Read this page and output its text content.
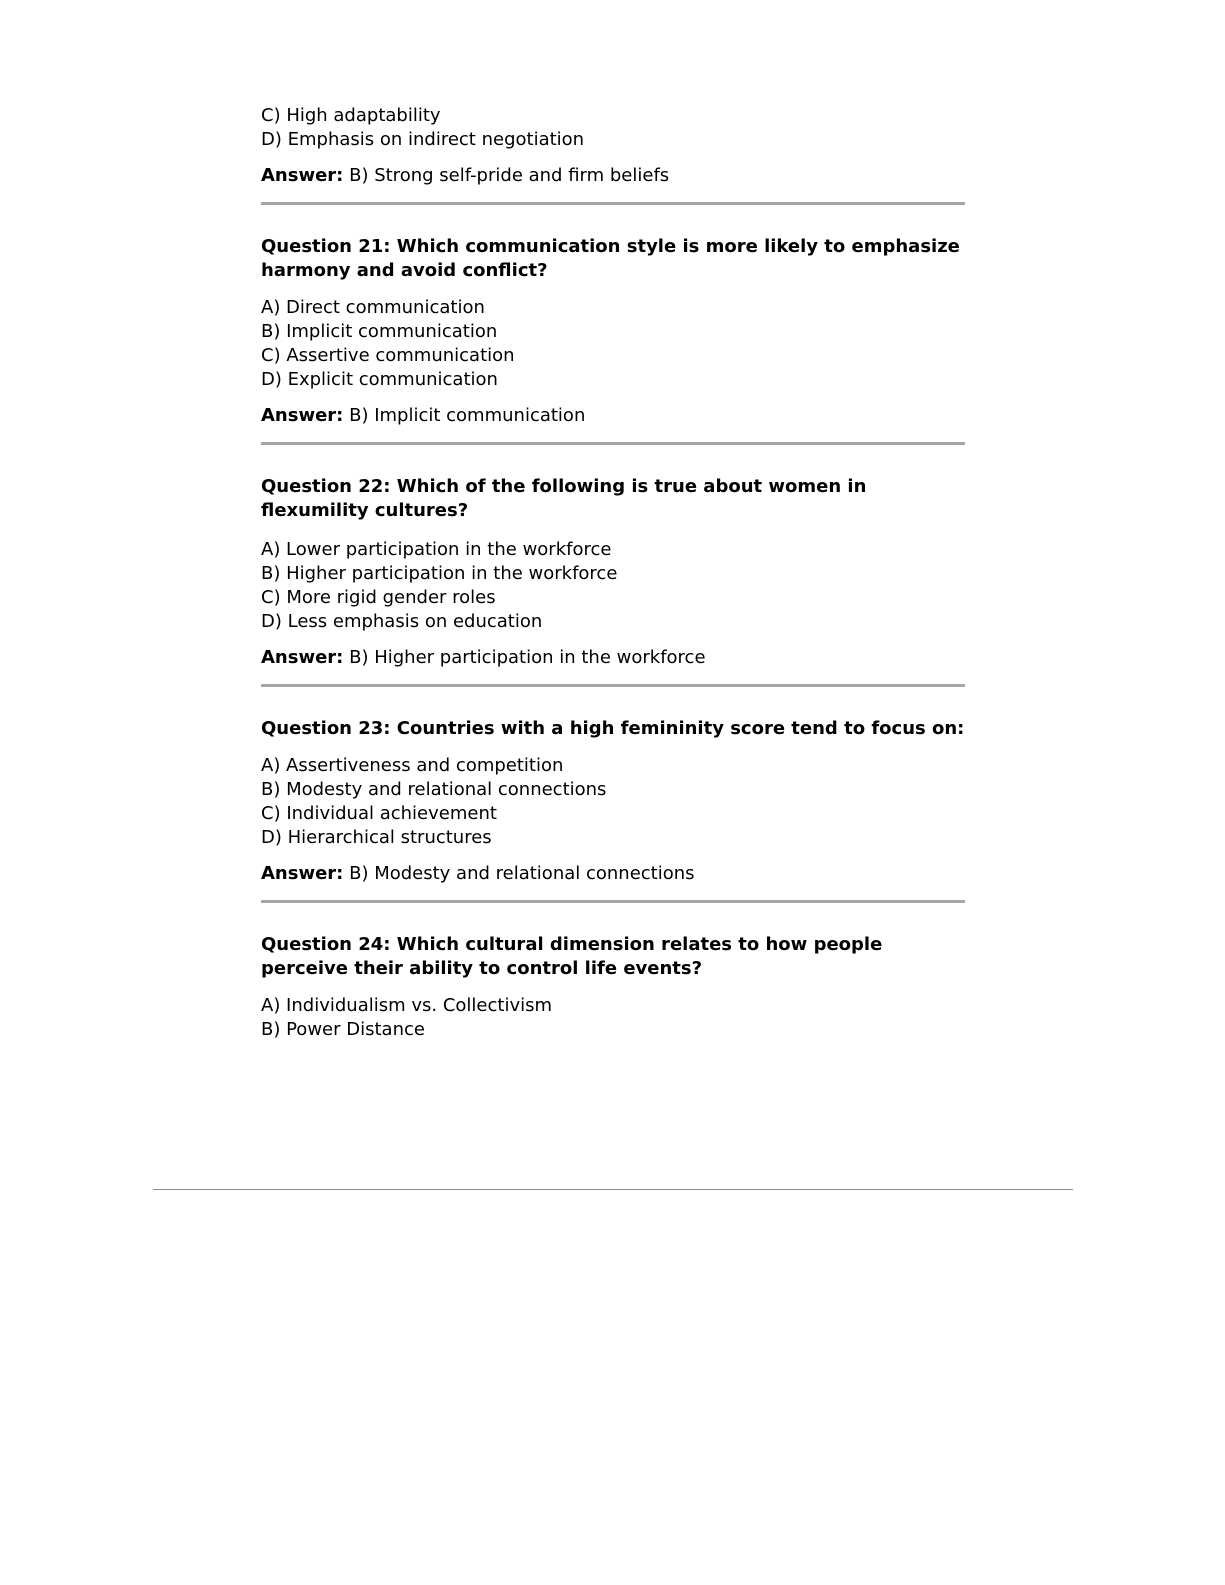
C) High adaptability
D) Emphasis on indirect negotiation
Answer: B) Strong self-pride and firm beliefs
Question 21: Which communication style is more likely to emphasize harmony and avoid conflict?
A) Direct communication
B) Implicit communication
C) Assertive communication
D) Explicit communication
Answer: B) Implicit communication
Question 22: Which of the following is true about women in flexumility cultures?
A) Lower participation in the workforce
B) Higher participation in the workforce
C) More rigid gender roles
D) Less emphasis on education
Answer: B) Higher participation in the workforce
Question 23: Countries with a high femininity score tend to focus on:
A) Assertiveness and competition
B) Modesty and relational connections
C) Individual achievement
D) Hierarchical structures
Answer: B) Modesty and relational connections
Question 24: Which cultural dimension relates to how people perceive their ability to control life events?
A) Individualism vs. Collectivism
B) Power Distance
